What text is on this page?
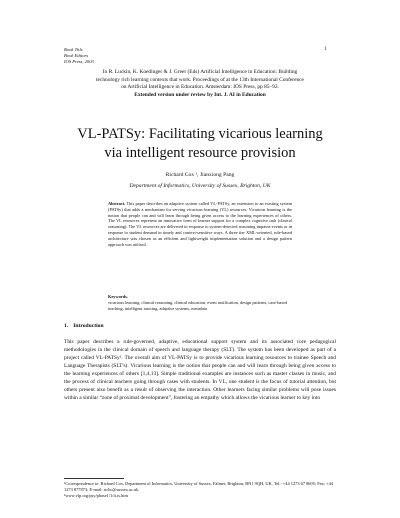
Book Title
Book Editors
IOS Press, 2003
1
In R. Luckin, K. Koedinger & J. Greer (Eds) Artificial Intelligence in Education: Building
technology rich learning contexts that work. Proceedings of at the 13th International Conference
on Artificial Intelligence in Education. Amsterdam: IOS Press, pp 85–92.
Extended version under review by Int. J. AI in Education
VL-PATSy: Facilitating vicarious learning
via intelligent resource provision
Richard Cox ¹, Jianxiong Pang
Department of Informatics, University of Sussex, Brighton, UK
Abstract. This paper describes an adaptive system called VL-PATSy, an extension to an existing system (PATSy) that adds a mechanism for serving vicarious learning (VL) resources. Vicarious learning is the notion that people can and will learn through being given access to the learning experiences of others. The VL resources represent an innovative form of learner support for a complex cognitive task (clinical reasoning). The VL resources are delivered in response to system-detected reasoning impasse events or in response to student demand in timely and context-sensitive ways. A three tier XML-oriented, rule-based architecture was chosen as an efficient and lightweight implementation solution and a design pattern approach was utilised.
Keywords.
vicarious learning, clinical reasoning, clinical education, event notification, design patterns, case-based teaching, intelligent tutoring, adaptive systems, metadata
1. Introduction
This paper describes a rule-governed, adaptive, educational support system and its associated core pedagogical methodologies in the clinical domain of speech and language therapy (SLT). The system has been developed as part of a project called VL-PATSy². The overall aim of VL-PATSy is to provide vicarious learning resources to trainee Speech and Language Therapists (SLT's). Vicarious learning is the notion that people can and will learn through being given access to the learning experiences of others [1,4,13]. Simple traditional examples are instances such as master classes in music, and the process of clinical teachers going through cases with students. In VL, one student is the focus of tutorial attention, but others present also benefit as a result of observing the interaction. Other learners facing similar problems will pose issues within a similar “zone of proximal development”, fostering an empathy which allows the vicarious learner to key into

¹Correspondence to: Richard Cox, Department of Informatics, University of Sussex, Falmer, Brighton, BN1 9QH, UK. Tel.: +44 1273 67 8605; Fax: +44 1273 877873; E-mail: richc@sussex.ac.uk

²www.vlp.org/psy/phase1/1/it.is.htm
